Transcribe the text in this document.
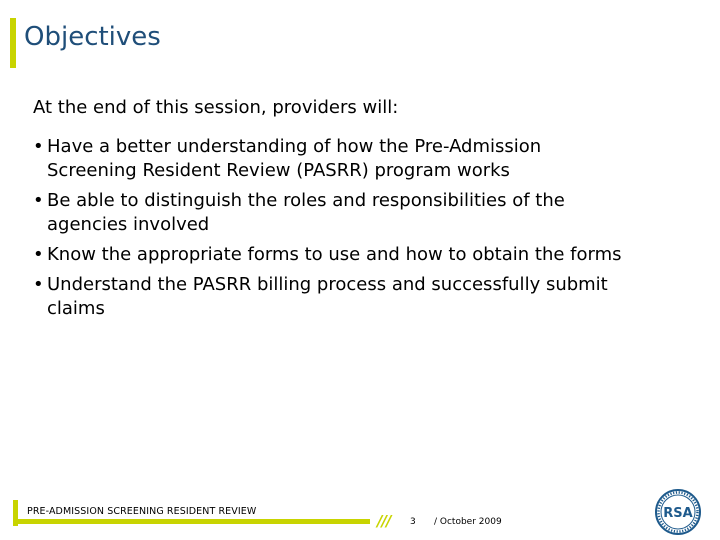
Objectives
At the end of this session, providers will:
• Have a better understanding of how the Pre-Admission Screening Resident Review (PASRR) program works
• Be able to distinguish the roles and responsibilities of the agencies involved
• Know the appropriate forms to use and how to obtain the forms
• Understand the PASRR billing process and successfully submit claims
PRE-ADMISSION SCREENING RESIDENT REVIEW
/// 3 / October 2009
RSA
